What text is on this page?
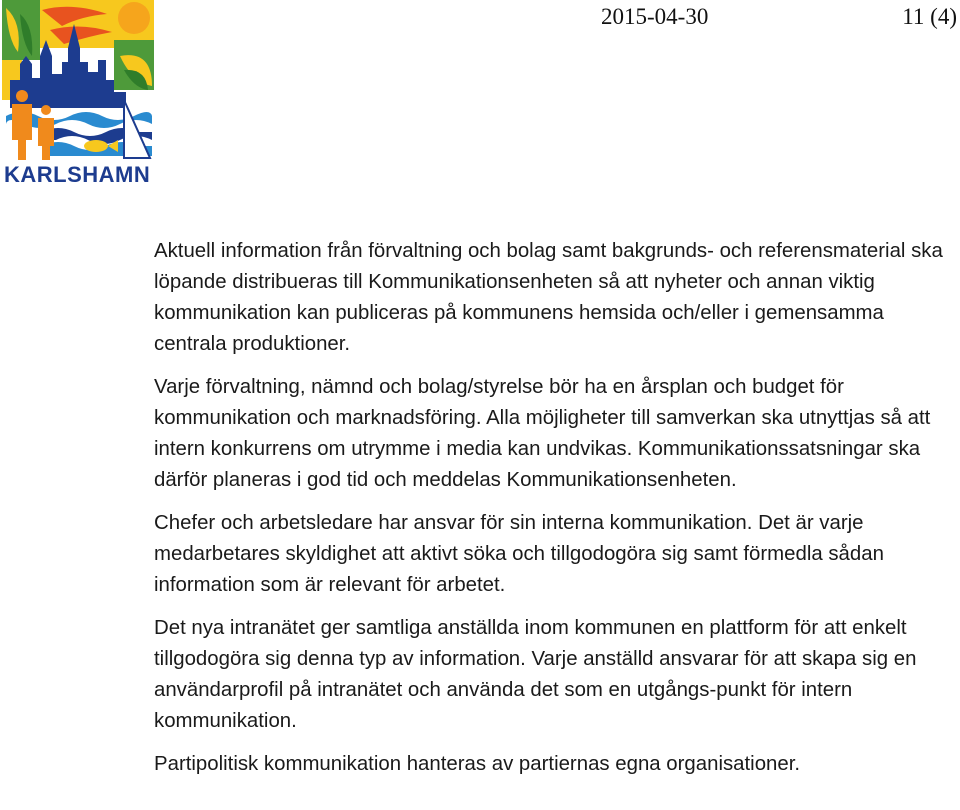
KARLSHAMN
2015-04-30	11 (4)

Aktuell information från förvaltning och bolag samt bakgrunds- och referensmaterial ska löpande distribueras till Kommunikationsenheten så att nyheter och annan viktig kommunikation kan publiceras på kommunens hemsida och/eller i gemensamma centrala produktioner.

Varje förvaltning, nämnd och bolag/styrelse bör ha en årsplan och budget för kommunikation och marknadsföring. Alla möjligheter till samverkan ska utnyttjas så att intern konkurrens om utrymme i media kan undvikas. Kommunikationssatsningar ska därför planeras i god tid och meddelas Kommunikationsenheten.

Chefer och arbetsledare har ansvar för sin interna kommunikation. Det är varje medarbetares skyldighet att aktivt söka och tillgodogöra sig samt förmedla sådan information som är relevant för arbetet.

Det nya intranätet ger samtliga anställda inom kommunen en plattform för att enkelt tillgodogöra sig denna typ av information. Varje anställd ansvarar för att skapa sig en användarprofil på intranätet och använda det som en utgångs-punkt för intern kommunikation.

Partipolitisk kommunikation hanteras av partiernas egna organisationer.
